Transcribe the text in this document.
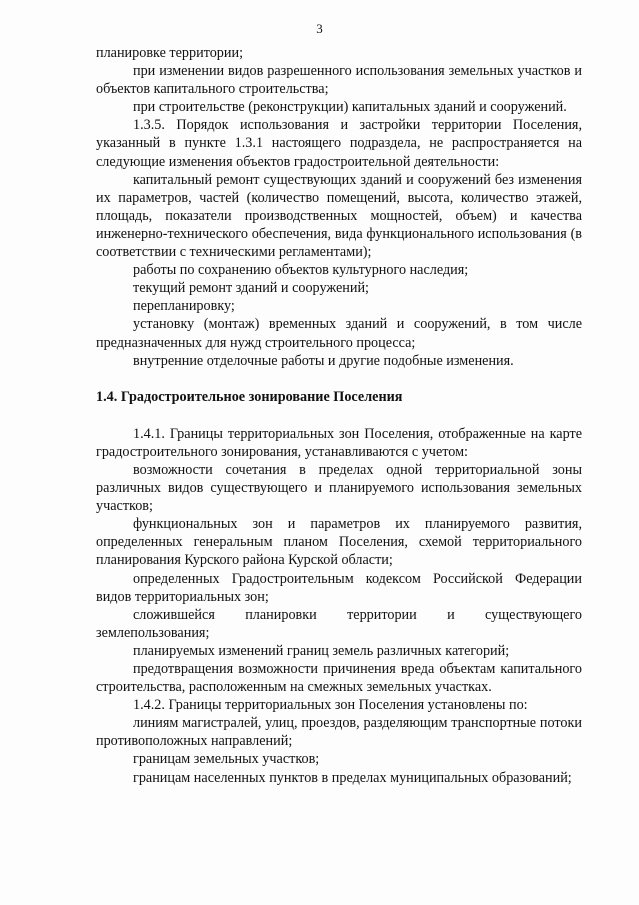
3
планировке территории;
при изменении видов разрешенного использования земельных участков и объектов капитального строительства;
при строительстве (реконструкции) капитальных зданий и сооружений.
1.3.5. Порядок использования и застройки территории Поселения, указанный в пункте 1.3.1 настоящего подраздела, не распространяется на следующие изменения объектов градостроительной деятельности:
капитальный ремонт существующих зданий и сооружений без изменения их параметров, частей (количество помещений, высота, количество этажей, площадь, показатели производственных мощностей, объем) и качества инженерно-технического обеспечения, вида функционального использования (в соответствии с техническими регламентами);
работы по сохранению объектов культурного наследия;
текущий ремонт зданий и сооружений;
перепланировку;
установку (монтаж) временных зданий и сооружений, в том числе предназначенных для нужд строительного процесса;
внутренние отделочные работы и другие подобные изменения.
1.4. Градостроительное зонирование Поселения
1.4.1. Границы территориальных зон Поселения, отображенные на карте градостроительного зонирования, устанавливаются с учетом:
возможности сочетания в пределах одной территориальной зоны различных видов существующего и планируемого использования земельных участков;
функциональных зон и параметров их планируемого развития, определенных генеральным планом Поселения, схемой территориального планирования Курского района Курской области;
определенных Градостроительным кодексом Российской Федерации видов территориальных зон;
сложившейся планировки территории и существующего землепользования;
планируемых изменений границ земель различных категорий;
предотвращения возможности причинения вреда объектам капитального строительства, расположенным на смежных земельных участках.
1.4.2. Границы территориальных зон Поселения установлены по:
линиям магистралей, улиц, проездов, разделяющим транспортные потоки противоположных направлений;
границам земельных участков;
границам населенных пунктов в пределах муниципальных образований;
